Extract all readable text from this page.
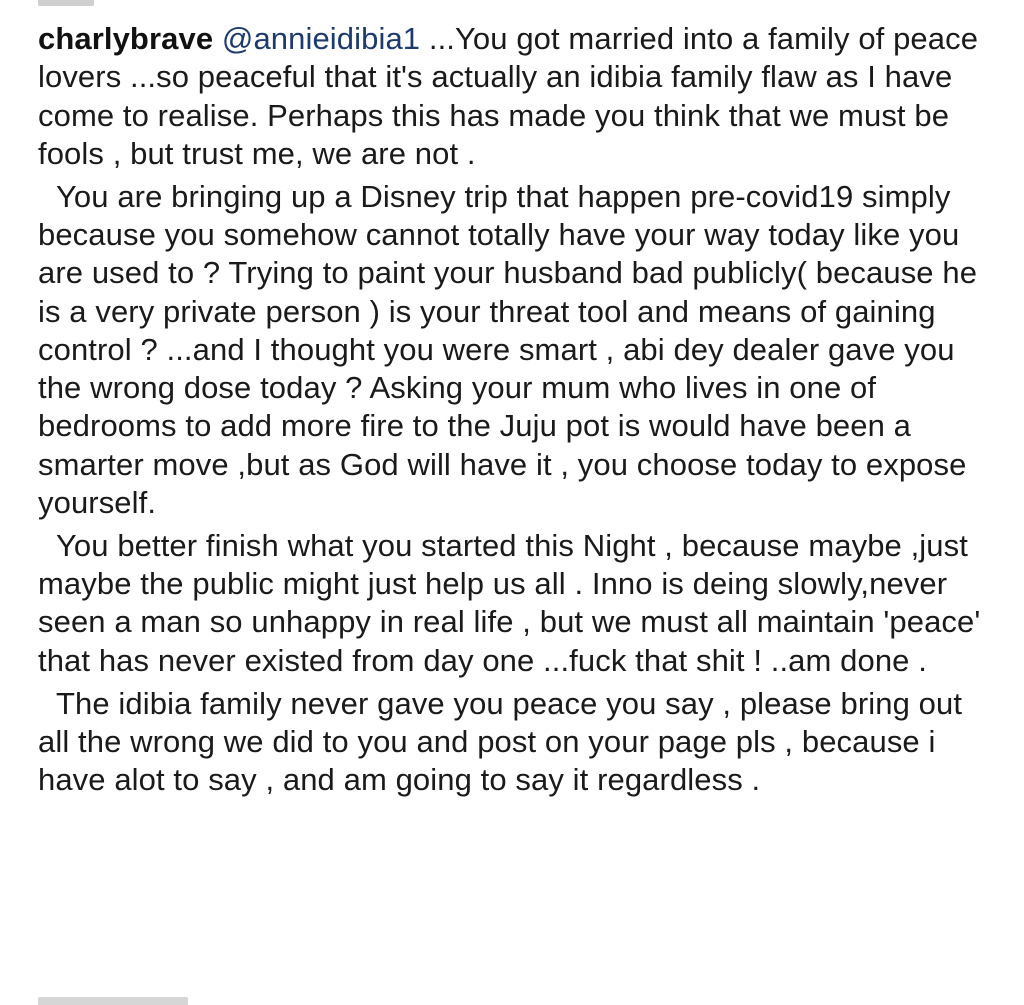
charlybrave @annieidibia1 ...You got married into a family of peace lovers ...so peaceful that it's actually an idibia family flaw as I have come to realise. Perhaps this has made you think that we must be fools , but trust me, we are not .

You are bringing up a Disney trip that happen pre-covid19 simply because you somehow cannot totally have your way today like you are used to ? Trying to paint your husband bad publicly( because he is a very private person ) is your threat tool and means of gaining control ? ...and I thought you were smart , abi dey dealer gave you the wrong dose today ? Asking your mum who lives in one of bedrooms to add more fire to the Juju pot is would have been a smarter move ,but as God will have it , you choose today to expose yourself.

You better finish what you started this Night , because maybe ,just maybe the public might just help us all . Inno is deing slowly,never seen a man so unhappy in real life , but we must all maintain 'peace' that has never existed from day one ...fuck that shit ! ..am done .

The idibia family never gave you peace you say , please bring out all the wrong we did to you and post on your page pls , because i have alot to say , and am going to say it regardless .
